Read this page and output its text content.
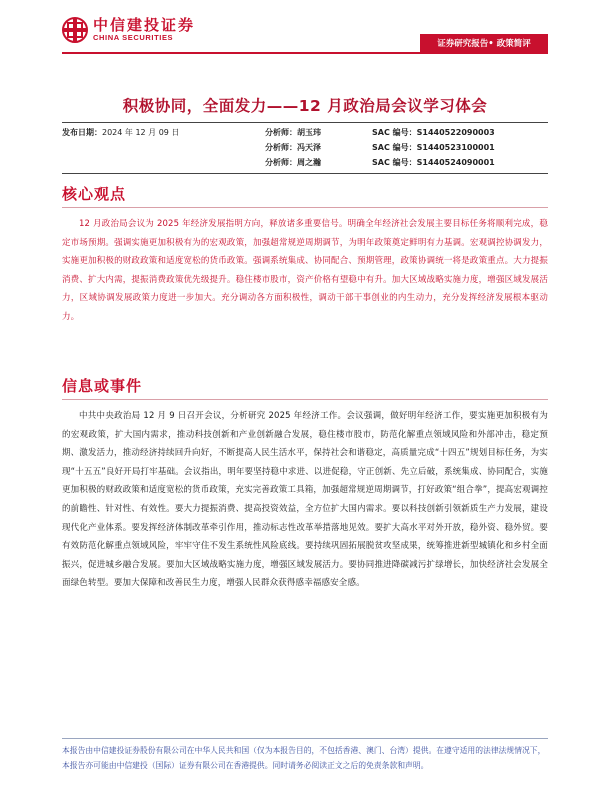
中信建投证券
CHINA SECURITIES
证券研究报告• 政策简评
积极协同，全面发力——12 月政治局会议学习体会
发布日期：2024 年 12 月 09 日	分析师：胡玉玮	SAC 编号：S1440522090003
分析师：冯天泽	SAC 编号：S1440523100001
分析师：周之瀚	SAC 编号：S1440524090001
核心观点
12 月政治局会议为 2025 年经济发展指明方向，释放诸多重要信号。明确全年经济社会发展主要目标任务将顺利完成，稳定市场预期。强调实施更加积极有为的宏观政策，加强超常规逆周期调节，为明年政策奠定鲜明有力基调。宏观调控协调发力，实施更加积极的财政政策和适度宽松的货币政策。强调系统集成、协同配合、预期管理，政策协调统一将是政策重点。大力提振消费、扩大内需，提振消费政策优先级提升。稳住楼市股市，资产价格有望稳中有升。加大区域战略实施力度，增强区域发展活力，区域协调发展政策力度进一步加大。充分调动各方面积极性，调动干部干事创业的内生动力，充分发挥经济发展根本驱动力。
信息或事件
中共中央政治局 12 月 9 日召开会议，分析研究 2025 年经济工作。会议强调，做好明年经济工作，要实施更加积极有为的宏观政策，扩大国内需求，推动科技创新和产业创新融合发展，稳住楼市股市，防范化解重点领域风险和外部冲击，稳定预期、激发活力，推动经济持续回升向好，不断提高人民生活水平，保持社会和谐稳定，高质量完成“十四五”规划目标任务，为实现“十五五”良好开局打牢基础。会议指出，明年要坚持稳中求进、以进促稳，守正创新、先立后破，系统集成、协同配合，实施更加积极的财政政策和适度宽松的货币政策，充实完善政策工具箱，加强超常规逆周期调节，打好政策“组合拳”，提高宏观调控的前瞻性、针对性、有效性。要大力提振消费、提高投资效益，全方位扩大国内需求。要以科技创新引领新质生产力发展，建设现代化产业体系。要发挥经济体制改革牵引作用，推动标志性改革举措落地见效。要扩大高水平对外开放，稳外资、稳外贸。要有效防范化解重点领域风险，牢牢守住不发生系统性风险底线。要持续巩固拓展脱贫攻坚成果，统筹推进新型城镇化和乡村全面振兴，促进城乡融合发展。要加大区域战略实施力度，增强区域发展活力。要协同推进降碳减污扩绿增长，加快经济社会发展全面绿色转型。要加大保障和改善民生力度，增强人民群众获得感幸福感安全感。
本报告由中信建投证券股份有限公司在中华人民共和国（仅为本报告目的，不包括香港、澳门、台湾）提供。在遵守适用的法律法规情况下，本报告亦可能由中信建投（国际）证券有限公司在香港提供。同时请务必阅读正文之后的免责条款和声明。
